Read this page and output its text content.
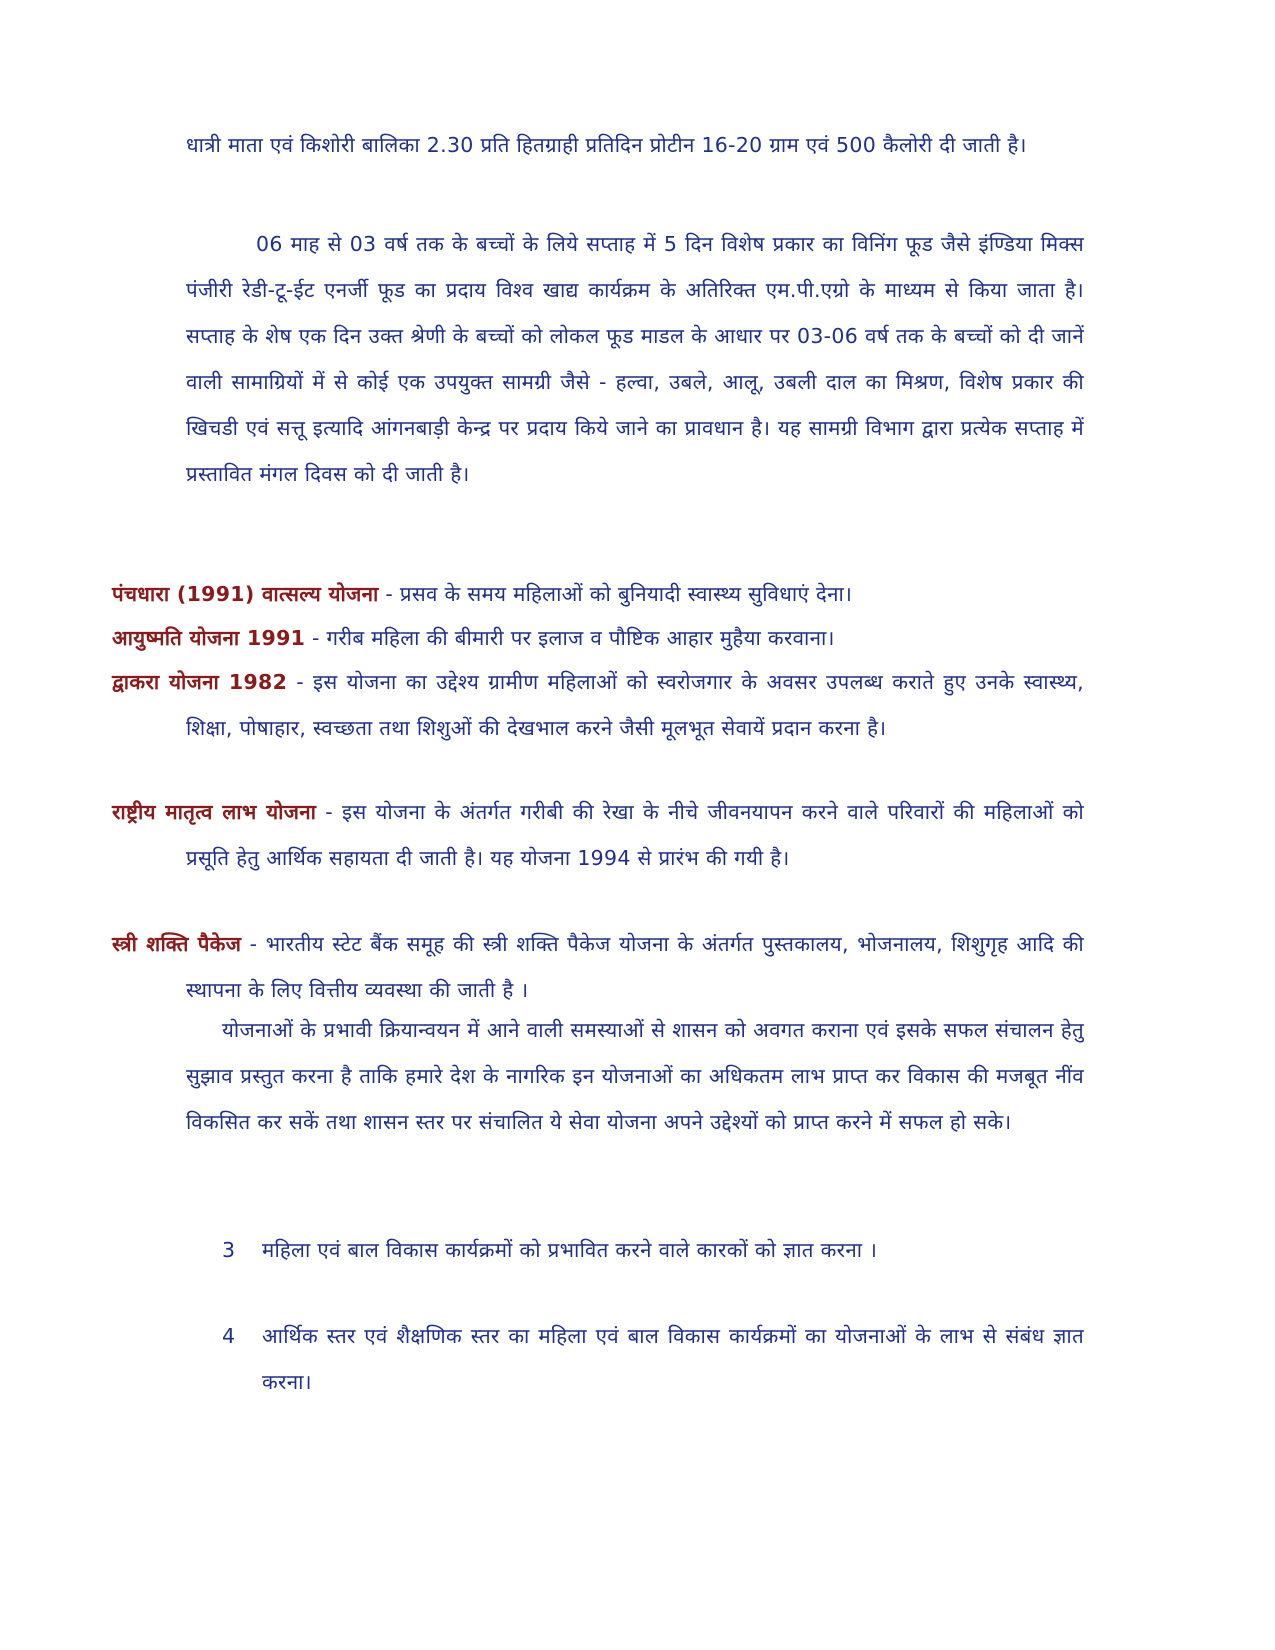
धात्री माता एवं किशोरी बालिका 2.30 प्रति हितग्राही प्रतिदिन प्रोटीन 16-20 ग्राम एवं 500 कैलोरी दी जाती है।

06 माह से 03 वर्ष तक के बच्चों के लिये सप्ताह में 5 दिन विशेष प्रकार का विनिंग फूड जैसे इंण्डिया मिक्स पंजीरी रेडी-टू-ईट एनर्जी फूड का प्रदाय विश्व खाद्य कार्यक्रम के अतिरिक्त एम.पी.एग्रो के माध्यम से किया जाता है। सप्ताह के शेष एक दिन उक्त श्रेणी के बच्चों को लोकल फूड माडल के आधार पर 03-06 वर्ष तक के बच्चों को दी जानें वाली सामाग्रियों में से कोई एक उपयुक्त सामग्री जैसे - हल्वा, उबले, आलू, उबली दाल का मिश्रण, विशेष प्रकार की खिचडी एवं सत्तू इत्यादि आंगनबाड़ी केन्द्र पर प्रदाय किये जाने का प्रावधान है। यह सामग्री विभाग द्वारा प्रत्येक सप्ताह में प्रस्तावित मंगल दिवस को दी जाती है।

पंचधारा (1991) वात्सल्य योजना - प्रसव के समय महिलाओं को बुनियादी स्वास्थ्य सुविधाएं देना।

आयुष्मति योजना 1991 - गरीब महिला की बीमारी पर इलाज व पौष्टिक आहार मुहैया करवाना।

द्वाकरा योजना 1982 - इस योजना का उद्देश्य ग्रामीण महिलाओं को स्वरोजगार के अवसर उपलब्ध कराते हुए उनके स्वास्थ्य, शिक्षा, पोषाहार, स्वच्छता तथा शिशुओं की देखभाल करने जैसी मूलभूत सेवायें प्रदान करना है।

राष्ट्रीय मातृत्व लाभ योजना - इस योजना के अंतर्गत गरीबी की रेखा के नीचे जीवनयापन करने वाले परिवारों की महिलाओं को प्रसूति हेतु आर्थिक सहायता दी जाती है। यह योजना 1994 से प्रारंभ की गयी है।

स्त्री शक्ति पैकेज - भारतीय स्टेट बैंक समूह की स्त्री शक्ति पैकेज योजना के अंतर्गत पुस्तकालय, भोजनालय, शिशुगृह आदि की स्थापना के लिए वित्तीय व्यवस्था की जाती है ।

योजनाओं के प्रभावी क्रियान्वयन में आने वाली समस्याओं से शासन को अवगत कराना एवं इसके सफल संचालन हेतु सुझाव प्रस्तुत करना है ताकि हमारे देश के नागरिक इन योजनाओं का अधिकतम लाभ प्राप्त कर विकास की मजबूत नींव विकसित कर सकें तथा शासन स्तर पर संचालित ये सेवा योजना अपने उद्देश्यों को प्राप्त करने में सफल हो सके।

3 महिला एवं बाल विकास कार्यक्रमों को प्रभावित करने वाले कारकों को ज्ञात करना ।

4 आर्थिक स्तर एवं शैक्षणिक स्तर का महिला एवं बाल विकास कार्यक्रमों का योजनाओं के लाभ से संबंध ज्ञात करना।
